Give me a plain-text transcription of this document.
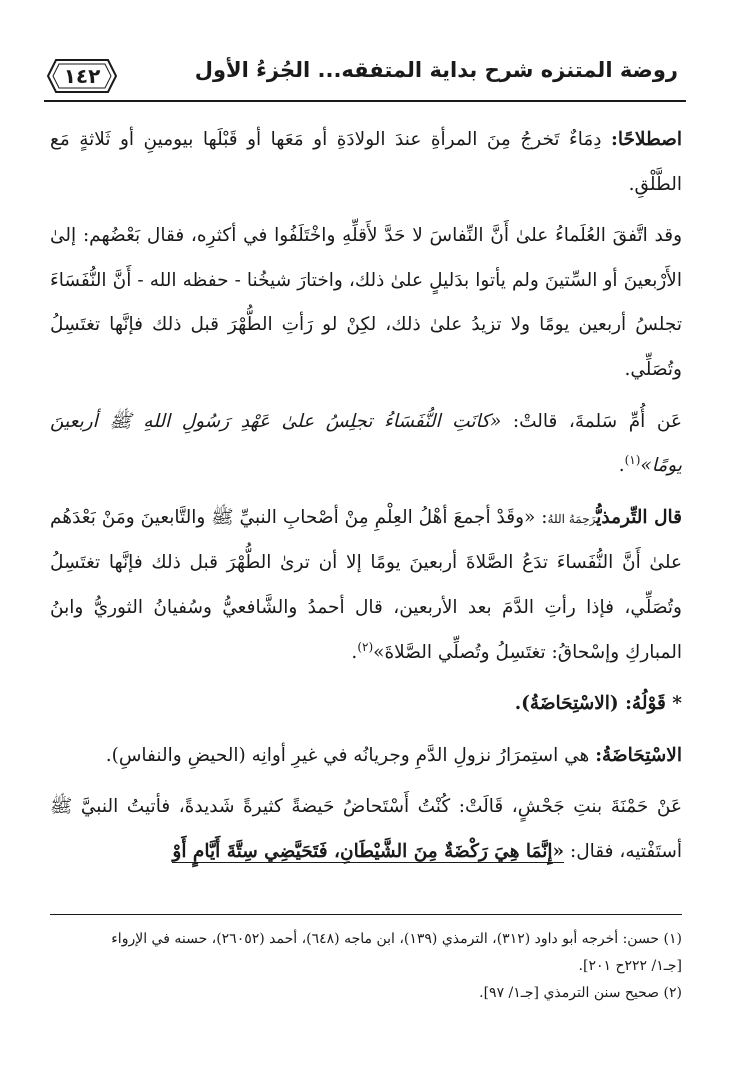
١٤٢	روضة المتنزه شرح بداية المتفقه... الجُزءُ الأول

اصطلاحًا: دِمَاءٌ تَخرجُ مِنَ المرأةِ عندَ الولادَةِ أو مَعَها أو قَبْلَها بيومينِ أو ثَلاثةٍ مَع الطَّلْقِ.

وقد اتَّفقَ العُلَماءُ علىٰ أَنَّ النِّفاسَ لا حَدَّ لأَقلِّهِ واخْتَلَفُوا في أكثرِه، فقال بَعْضُهم: إلىٰ الأَرْبعينَ أو السِّتينَ ولم يأتوا بدَليلٍ علىٰ ذلك، واختارَ شيخُنا - حفظه الله - أَنَّ النُّفَسَاءَ تجلسُ أربعين يومًا ولا تزيدُ علىٰ ذلك، لكِنْ لو رَأتِ الطُّهْرَ قبل ذلك فإنَّها تغتَسِلُ وتُصَلِّي.

عَن أُمِّ سَلمةَ، قالتْ: «كانَتِ النُّفَسَاءُ تجلِسُ علىٰ عَهْدِ رَسُولِ اللهِ ﷺ أربعينَ يومًا»$^{(١)}$.

قال التِّرمذيُّرَحِمَهُ اللهُ: «وقَدْ أجمعَ أهْلُ العِلْمِ مِنْ أصْحابِ النبيِّ ﷺ والتَّابعينَ ومَنْ بَعْدَهُم علىٰ أَنَّ النُّفَساءَ تدَعُ الصَّلاةَ أربعينَ يومًا إلا أن ترىٰ الطُّهْرَ قبل ذلك فإنَّها تغتَسِلُ وتُصَلِّي، فإذا رأتِ الدَّمَ بعد الأربعين، قال أحمدُ والشَّافعيُّ وسُفيانُ الثوريُّ وابنُ المباركِ وإسْحاقُ: تغتَسِلُ وتُصلِّي الصَّلاةَ»$^{(٢)}$.

* قَوْلُهُ: (الاسْتِحَاضَةُ).

الاسْتِحَاضَةُ: هي استِمرَارُ نزولِ الدَّمِ وجريانُه في غيرِ أوانِه (الحيضِ والنفاسِ).

عَنْ حَمْنَةَ بنتِ جَحْشٍ، قَالَتْ: كُنْتُ أَسْتَحاضُ حَيضةً كثيرةً شَديدةً، فأتيتُ النبيَّ ﷺ أستَفْتيه، فقال: «إِنَّمَا هِيَ رَكْضَةٌ مِنَ الشَّيْطَانِ، فَتَحَيَّضِي سِتَّةَ أَيَّامٍ أَوْ

(١) حسن: أخرجه أبو داود (٣١٢)، الترمذي (١٣٩)، ابن ماجه (٦٤٨)، أحمد (٢٦٠٥٢)، حسنه في الإرواء

[جـ١/ ٢٢٢ح ٢٠١].

(٢) صحيح سنن الترمذي [جـ١/ ٩٧].
